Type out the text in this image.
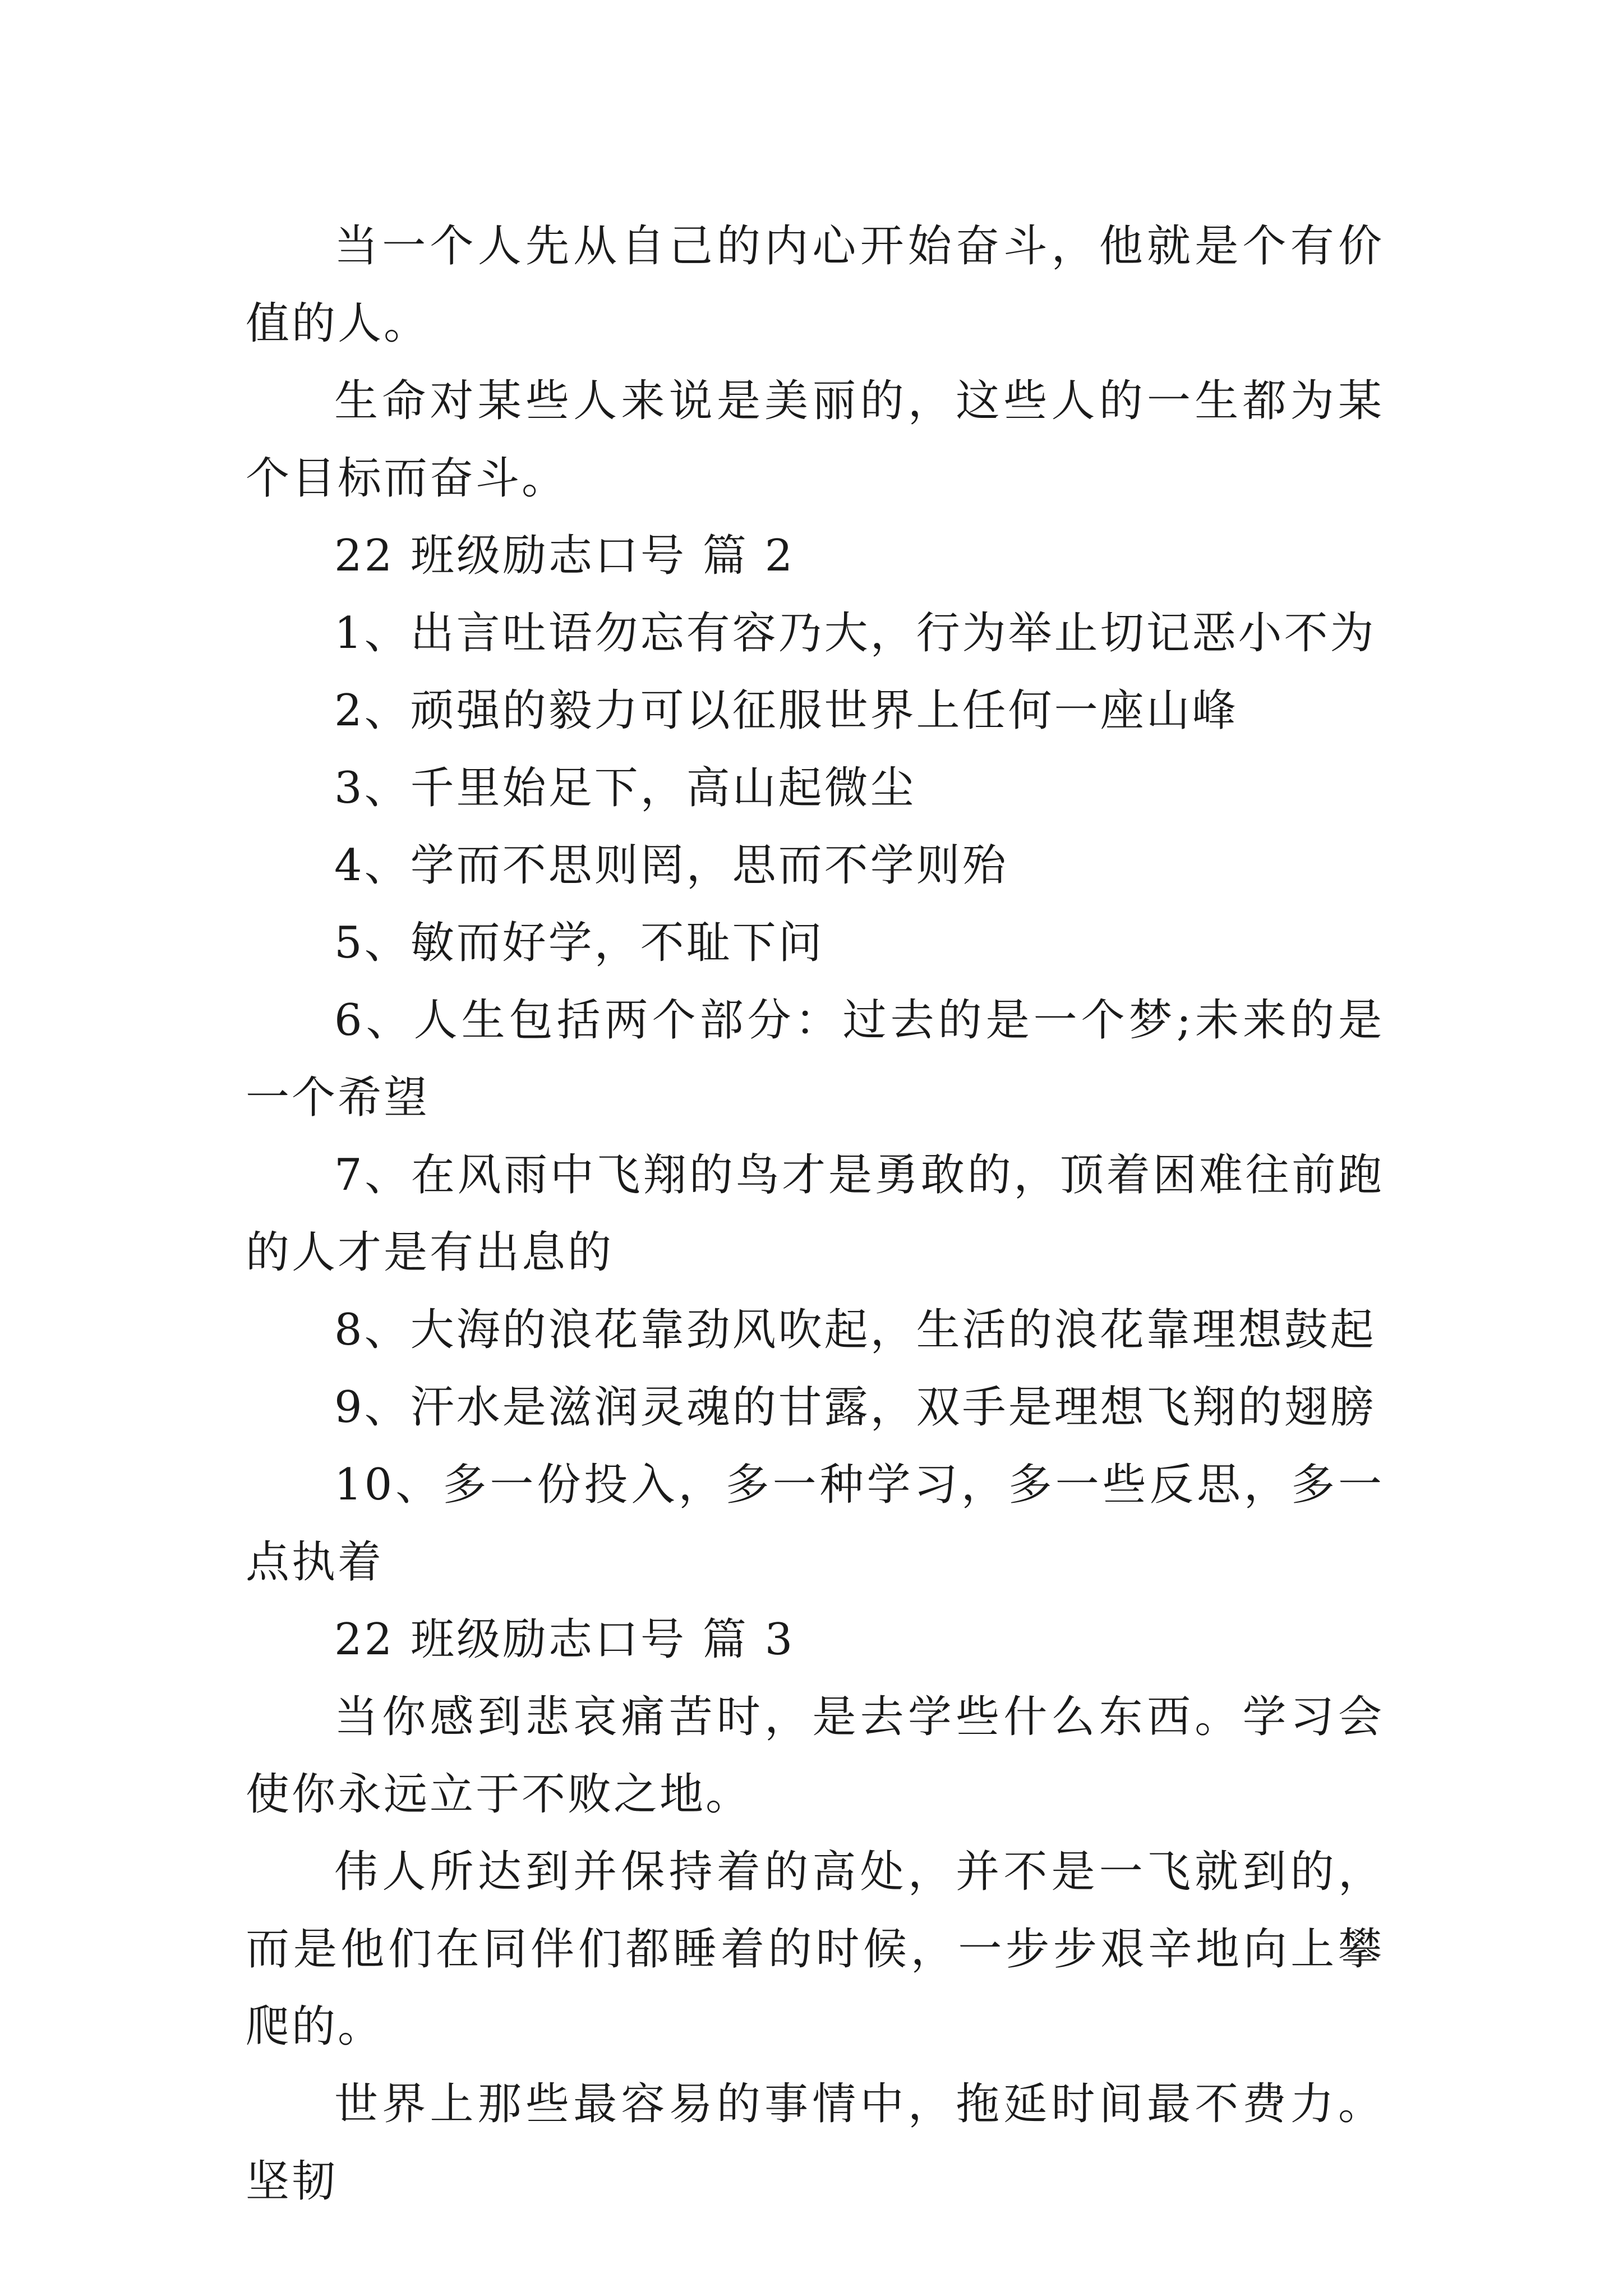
当一个人先从自己的内心开始奋斗，他就是个有价值的人。

生命对某些人来说是美丽的，这些人的一生都为某个目标而奋斗。

22 班级励志口号 篇 2

1、出言吐语勿忘有容乃大，行为举止切记恶小不为

2、顽强的毅力可以征服世界上任何一座山峰

3、千里始足下，高山起微尘

4、学而不思则罔，思而不学则殆

5、敏而好学，不耻下问

6、人生包括两个部分：过去的是一个梦;未来的是一个希望

7、在风雨中飞翔的鸟才是勇敢的，顶着困难往前跑的人才是有出息的

8、大海的浪花靠劲风吹起，生活的浪花靠理想鼓起

9、汗水是滋润灵魂的甘露，双手是理想飞翔的翅膀

10、多一份投入，多一种学习，多一些反思，多一点执着

22 班级励志口号 篇 3

当你感到悲哀痛苦时，是去学些什么东西。学习会使你永远立于不败之地。

伟人所达到并保持着的高处，并不是一飞就到的，而是他们在同伴们都睡着的时候，一步步艰辛地向上攀爬的。

世界上那些最容易的事情中，拖延时间最不费力。坚韧
